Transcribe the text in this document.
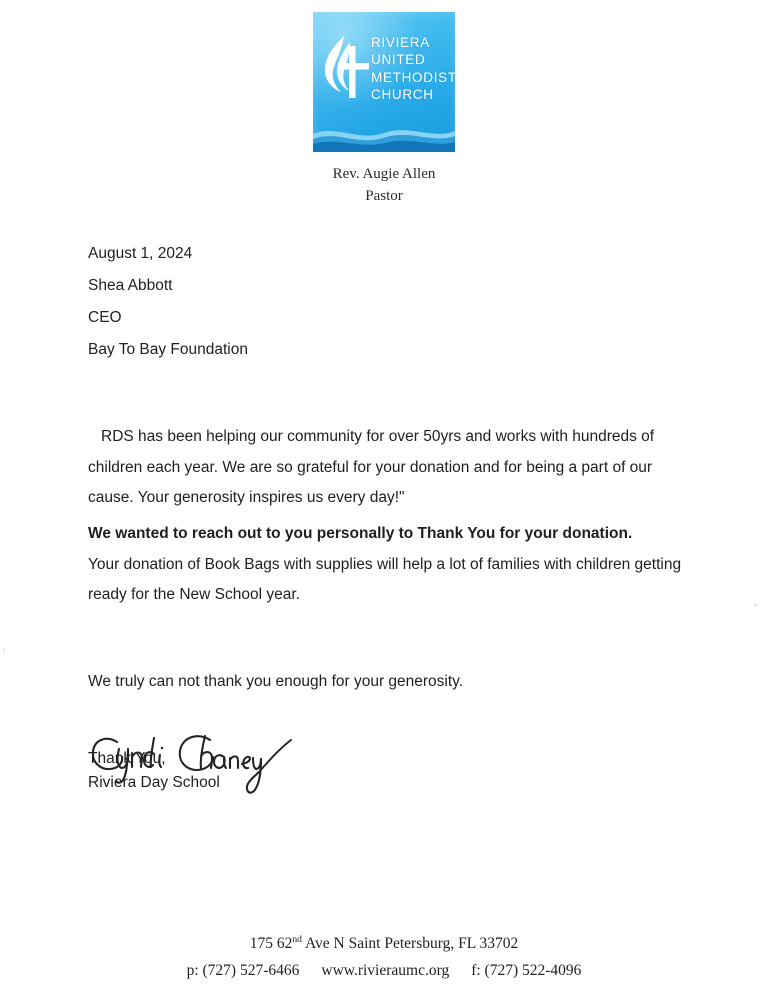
RIVIERA
UNITED
METHODIST
CHURCH
Rev. Augie Allen
Pastor
August 1, 2024
Shea Abbott
CEO
Bay To Bay Foundation

RDS has been helping our community for over 50yrs and works with hundreds of children each year. We are so grateful for your donation and for being a part of our cause. Your generosity inspires us every day!"

We wanted to reach out to you personally to Thank You for your donation.

Your donation of Book Bags with supplies will help a lot of families with children getting ready for the New School year.

We truly can not thank you enough for your generosity.

Thank You,
Riviera Day School
175 62nd Ave N Saint Petersburg, FL 33702
p: (727) 527-6466 www.rivieraumc.org f: (727) 522-4096
